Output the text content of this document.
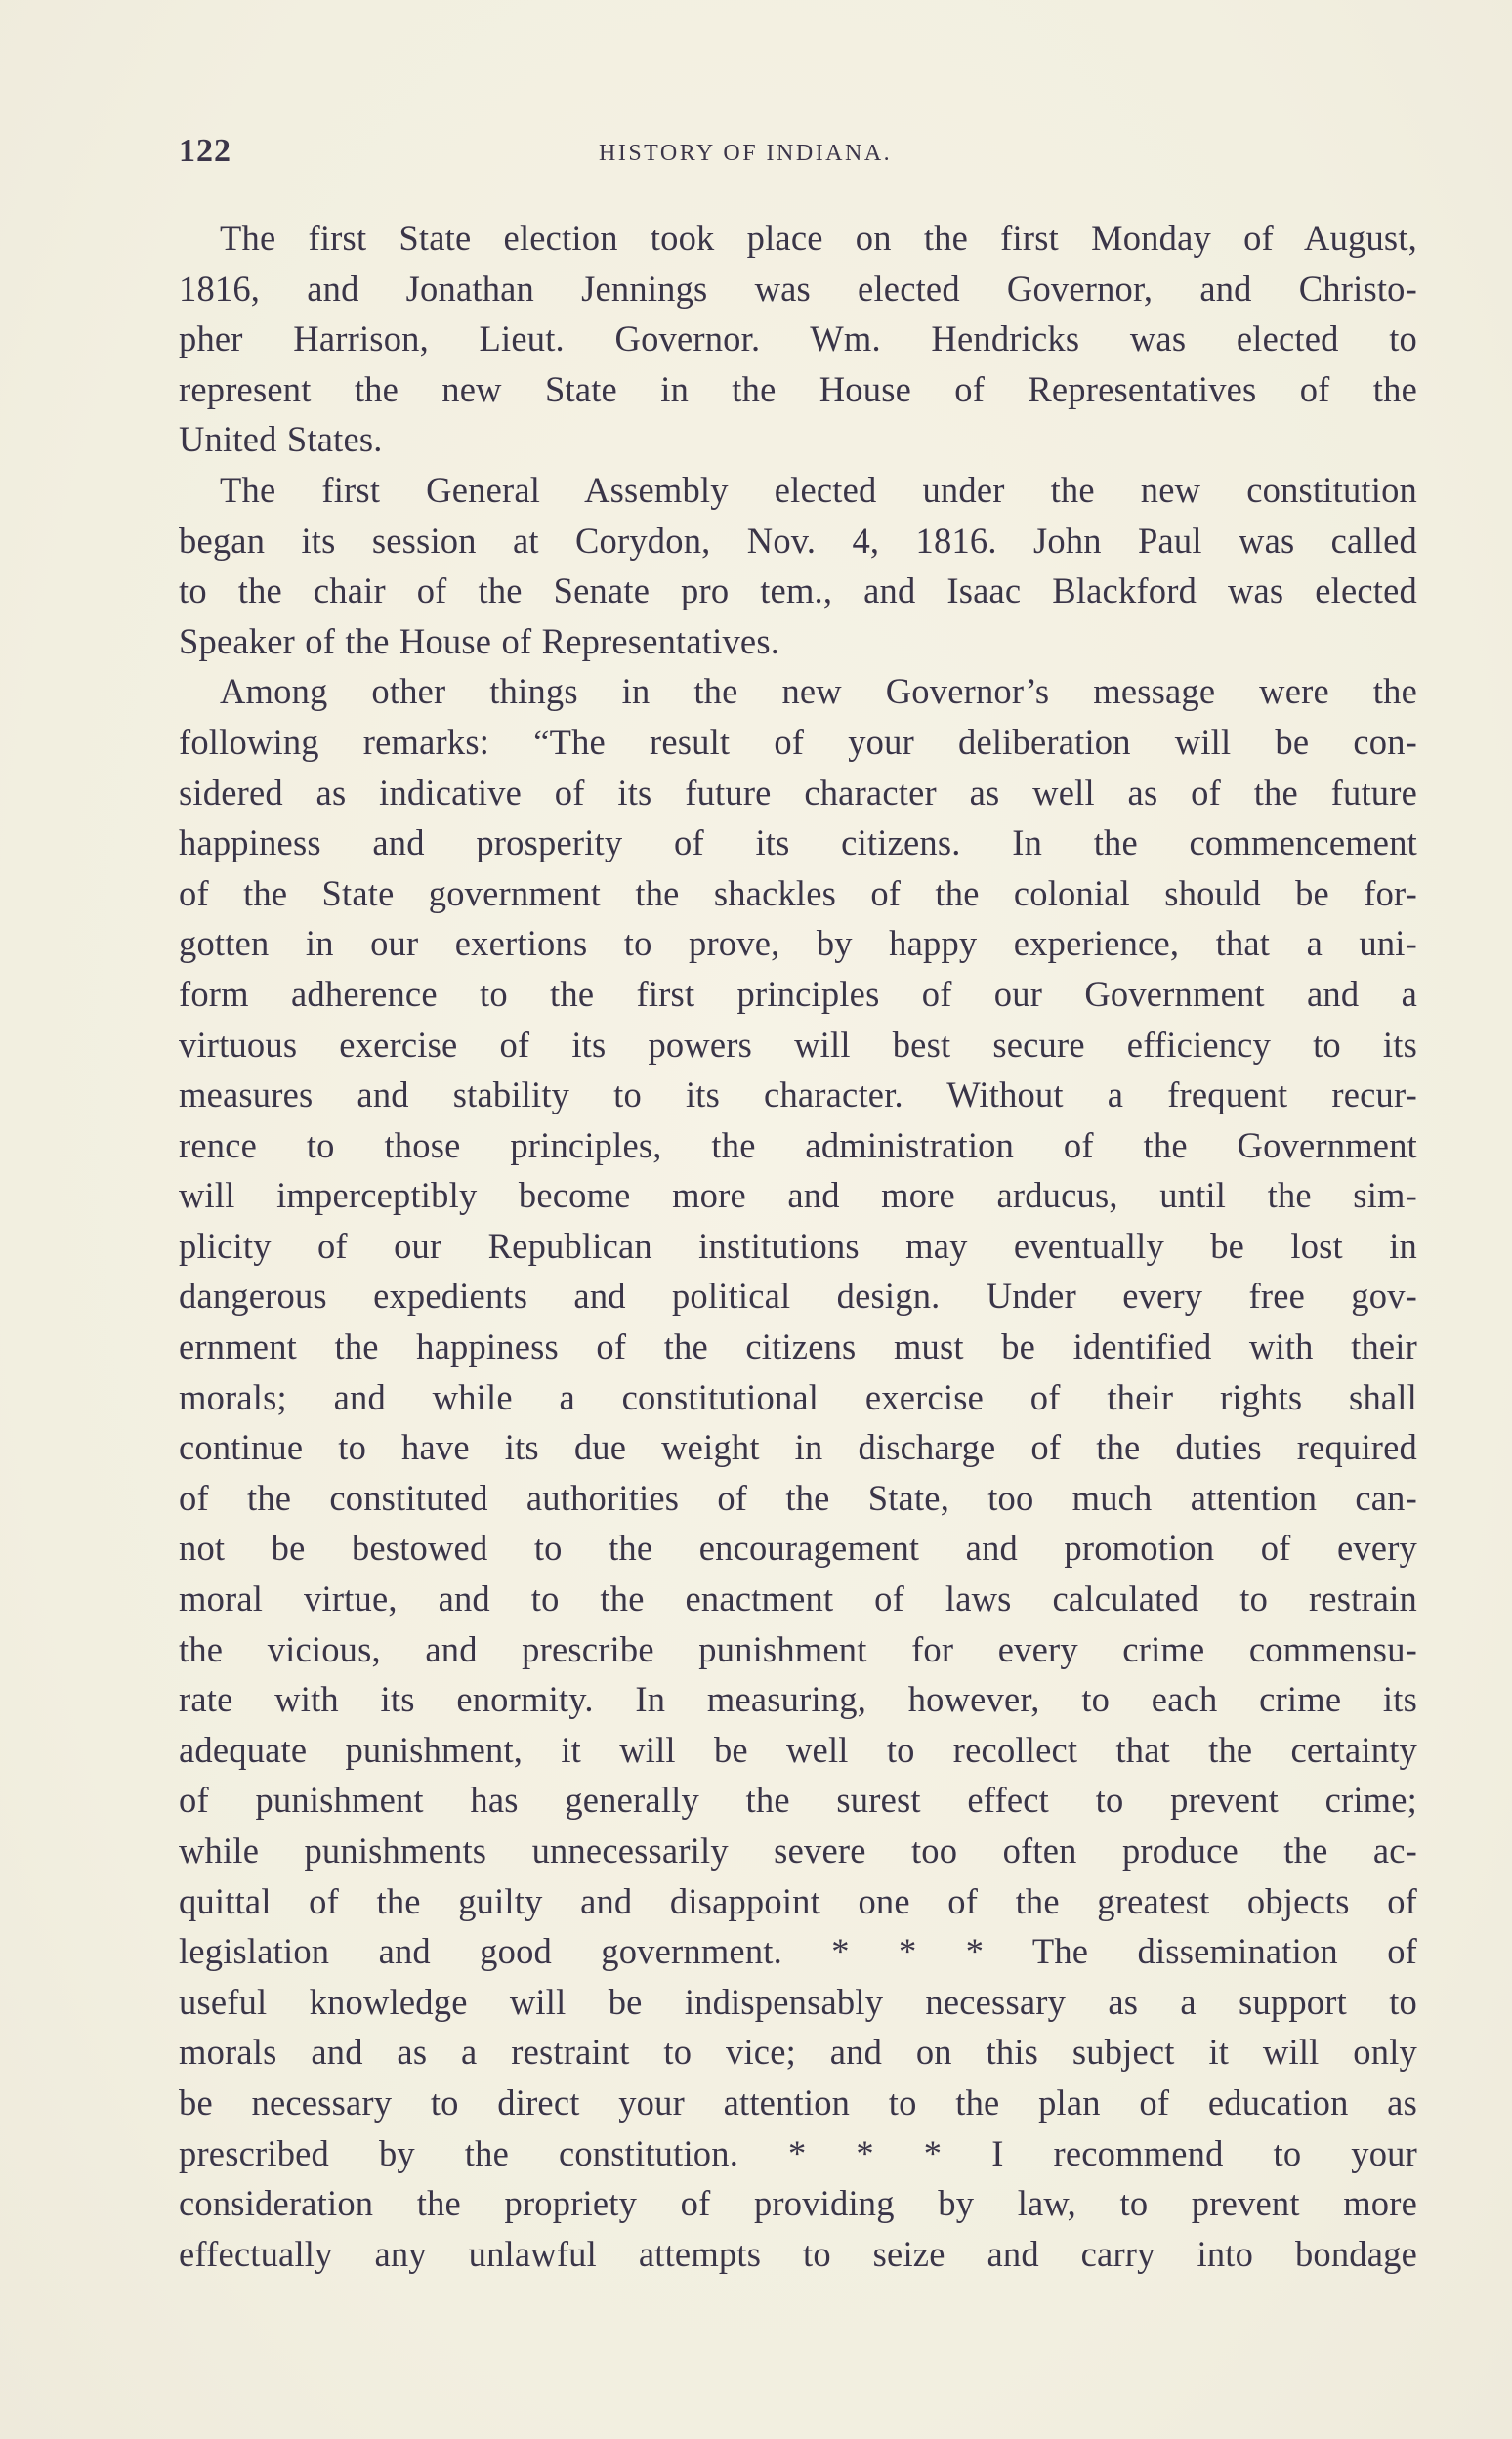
122	HISTORY OF INDIANA.
The first State election took place on the first Monday of August,
1816, and Jonathan Jennings was elected Governor, and Christo-
pher Harrison, Lieut. Governor. Wm. Hendricks was elected to
represent the new State in the House of Representatives of the
United States.
The first General Assembly elected under the new constitution
began its session at Corydon, Nov. 4, 1816. John Paul was called
to the chair of the Senate pro tem., and Isaac Blackford was elected
Speaker of the House of Representatives.
Among other things in the new Governor’s message were the
following remarks: “The result of your deliberation will be con-
sidered as indicative of its future character as well as of the future
happiness and prosperity of its citizens. In the commencement
of the State government the shackles of the colonial should be for-
gotten in our exertions to prove, by happy experience, that a uni-
form adherence to the first principles of our Government and a
virtuous exercise of its powers will best secure efficiency to its
measures and stability to its character. Without a frequent recur-
rence to those principles, the administration of the Government
will imperceptibly become more and more arducus, until the sim-
plicity of our Republican institutions may eventually be lost in
dangerous expedients and political design. Under every free gov-
ernment the happiness of the citizens must be identified with their
morals; and while a constitutional exercise of their rights shall
continue to have its due weight in discharge of the duties required
of the constituted authorities of the State, too much attention can-
not be bestowed to the encouragement and promotion of every
moral virtue, and to the enactment of laws calculated to restrain
the vicious, and prescribe punishment for every crime commensu-
rate with its enormity. In measuring, however, to each crime its
adequate punishment, it will be well to recollect that the certainty
of punishment has generally the surest effect to prevent crime;
while punishments unnecessarily severe too often produce the ac-
quittal of the guilty and disappoint one of the greatest objects of
legislation and good government. * * * The dissemination of
useful knowledge will be indispensably necessary as a support to
morals and as a restraint to vice; and on this subject it will only
be necessary to direct your attention to the plan of education as
prescribed by the constitution. * * * I recommend to your
consideration the propriety of providing by law, to prevent more
effectually any unlawful attempts to seize and carry into bondage
